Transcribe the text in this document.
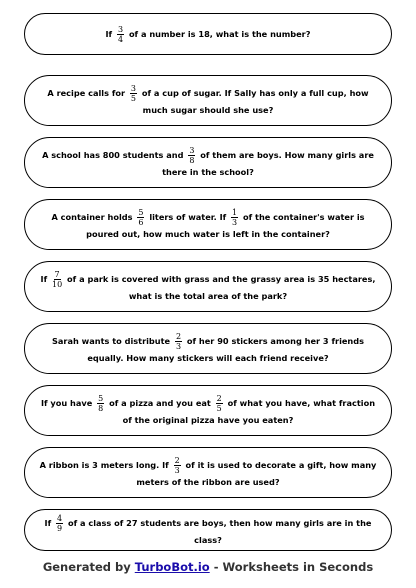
If $\frac{3}{4}$ of a number is 18, what is the number?
A recipe calls for $\frac{3}{5}$ of a cup of sugar. If Sally has only a full cup, how much sugar should she use?
A school has 800 students and $\frac{3}{8}$ of them are boys. How many girls are there in the school?
A container holds $\frac{5}{6}$ liters of water. If $\frac{1}{3}$ of the container's water is poured out, how much water is left in the container?
If $\frac{7}{10}$ of a park is covered with grass and the grassy area is 35 hectares, what is the total area of the park?
Sarah wants to distribute $\frac{2}{3}$ of her 90 stickers among her 3 friends equally. How many stickers will each friend receive?
If you have $\frac{5}{8}$ of a pizza and you eat $\frac{2}{5}$ of what you have, what fraction of the original pizza have you eaten?
A ribbon is 3 meters long. If $\frac{2}{3}$ of it is used to decorate a gift, how many meters of the ribbon are used?
If $\frac{4}{9}$ of a class of 27 students are boys, then how many girls are in the class?
Generated by TurboBot.io - Worksheets in Seconds
